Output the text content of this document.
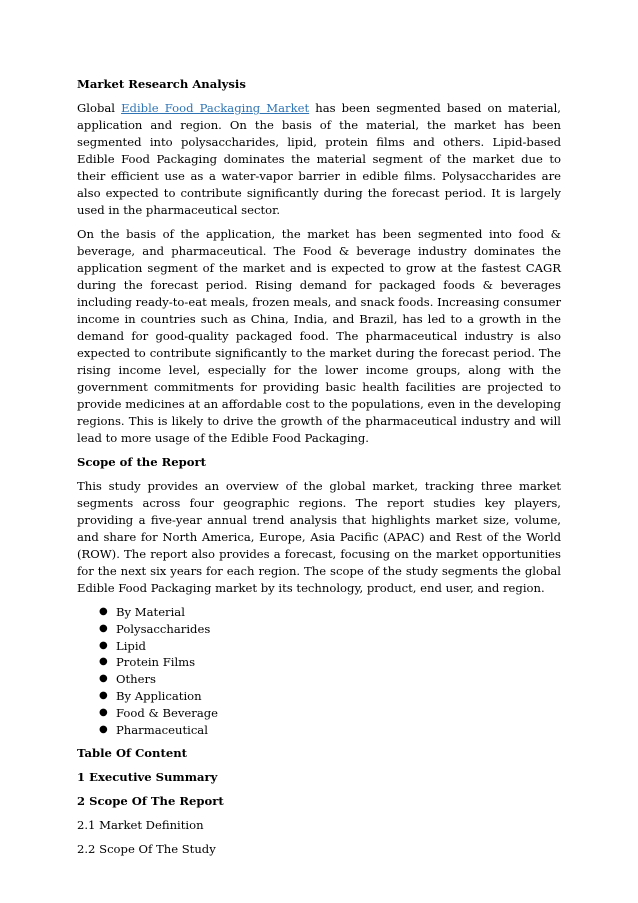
Market Research Analysis

Global Edible Food Packaging Market has been segmented based on material, application and region. On the basis of the material, the market has been segmented into polysaccharides, lipid, protein films and others. Lipid-based Edible Food Packaging dominates the material segment of the market due to their efficient use as a water-vapor barrier in edible films. Polysaccharides are also expected to contribute significantly during the forecast period. It is largely used in the pharmaceutical sector.

On the basis of the application, the market has been segmented into food & beverage, and pharmaceutical. The Food & beverage industry dominates the application segment of the market and is expected to grow at the fastest CAGR during the forecast period. Rising demand for packaged foods & beverages including ready-to-eat meals, frozen meals, and snack foods. Increasing consumer income in countries such as China, India, and Brazil, has led to a growth in the demand for good-quality packaged food. The pharmaceutical industry is also expected to contribute significantly to the market during the forecast period. The rising income level, especially for the lower income groups, along with the government commitments for providing basic health facilities are projected to provide medicines at an affordable cost to the populations, even in the developing regions. This is likely to drive the growth of the pharmaceutical industry and will lead to more usage of the Edible Food Packaging.

Scope of the Report

This study provides an overview of the global market, tracking three market segments across four geographic regions. The report studies key players, providing a five-year annual trend analysis that highlights market size, volume, and share for North America, Europe, Asia Pacific (APAC) and Rest of the World (ROW). The report also provides a forecast, focusing on the market opportunities for the next six years for each region. The scope of the study segments the global Edible Food Packaging market by its technology, product, end user, and region.

● By Material
● Polysaccharides
● Lipid
● Protein Films
● Others
● By Application
● Food & Beverage
● Pharmaceutical
Table Of Content
1 Executive Summary
2 Scope Of The Report
2.1 Market Definition
2.2 Scope Of The Study
